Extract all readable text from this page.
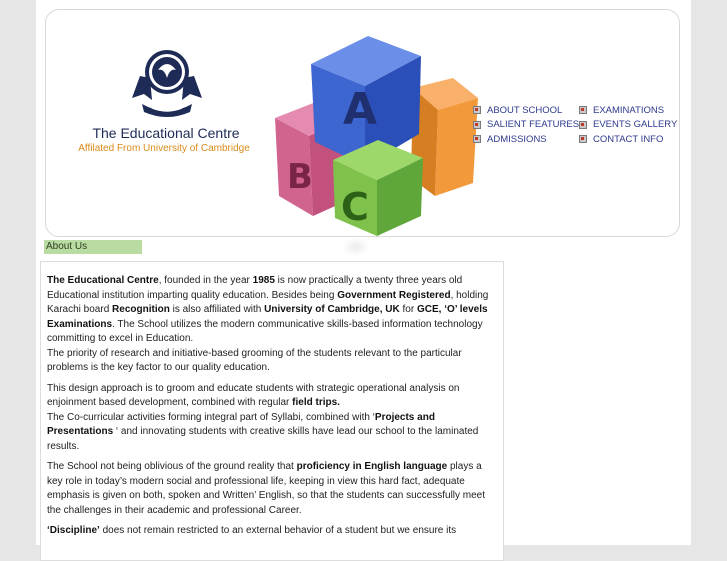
The Educational Centre
Affilated From University of Cambridge
A
B
C
ABOUT SCHOOL
SALIENT FEATURES
ADMISSIONS
EXAMINATIONS
EVENTS GALLERY
CONTACT INFO
About Us

The Educational Centre, founded in the year 1985 is now practically a twenty three years old Educational institution imparting quality education. Besides being Government Registered, holding Karachi board Recognition is also affiliated with University of Cambridge, UK for GCE, ‘O’ levels Examinations. The School utilizes the modern communicative skills-based information technology committing to excel in Education.
The priority of research and initiative-based grooming of the students relevant to the particular problems is the key factor to our quality education.

This design approach is to groom and educate students with strategic operational analysis on enjoinment based development, combined with regular field trips.
The Co-curricular activities forming integral part of Syllabi, combined with ‘Projects and Presentations ‘ and innovating students with creative skills have lead our school to the laminated results.

The School not being oblivious of the ground reality that proficiency in English language plays a key role in today’s modern social and professional life, keeping in view this hard fact, adequate emphasis is given on both, spoken and Written’ English, so that the students can successfully meet the challenges in their academic and professional Career.

‘Discipline’ does not remain restricted to an external behavior of a student but we ensure its
